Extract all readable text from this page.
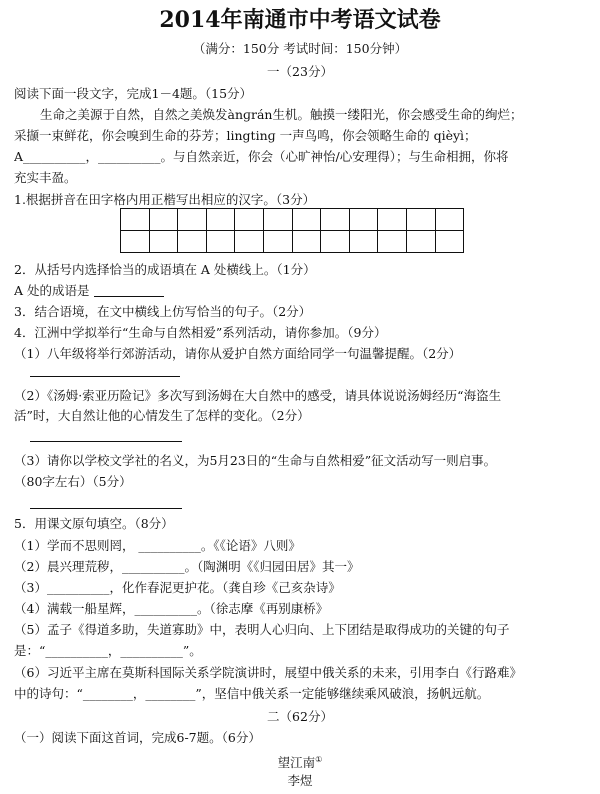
2014年南通市中考语文试卷
（满分：150分 考试时间：150分钟）
一（23分）
阅读下面一段文字，完成1－4题。（15分）
生命之美源于自然，自然之美焕发ànɡrán生机。触摸一缕阳光，你会感受生命的绚烂；
采撷一束鲜花，你会嗅到生命的芬芳；lingtinɡ 一声鸟鸣，你会领略生命的 qièyì；
A__________，__________。与自然亲近，你会（心旷神怡/心安理得）；与生命相拥，你将
充实丰盈。
1.根据拼音在田字格内用正楷写出相应的汉字。（3分）
2．从括号内选择恰当的成语填在 A 处横线上。（1分）
A 处的成语是
3．结合语境，在文中横线上仿写恰当的句子。（2分）
4．江洲中学拟举行“生命与自然相爱”系列活动，请你参加。（9分）
（1）八年级将举行郊游活动，请你从爱护自然方面给同学一句温馨提醒。（2分）
（2）《汤姆·索亚历险记》多次写到汤姆在大自然中的感受，请具体说说汤姆经历“海盗生
活”时，大自然让他的心情发生了怎样的变化。（2分）
（3）请你以学校文学社的名义，为5月23日的“生命与自然相爱”征文活动写一则启事。
（80字左右）（5分）
5．用课文原句填空。（8分）
（1）学而不思则罔， __________。《《论语》八则》
（2）晨兴理荒秽，__________。（陶渊明《《归园田居》其一》
（3）__________，化作春泥更护花。（龚自珍《己亥杂诗》
（4）满载一船星辉，__________。（徐志摩《再别康桥》
（5）孟子《得道多助，失道寡助》中，表明人心归向、上下团结是取得成功的关键的句子
是：“__________，__________”。
（6）习近平主席在莫斯科国际关系学院演讲时，展望中俄关系的未来，引用李白《行路难》
中的诗句：“________，________”，坚信中俄关系一定能够继续乘风破浪，扬帆远航。
二（62分）
（一）阅读下面这首词，完成6-7题。（6分）
望江南①
李煜
